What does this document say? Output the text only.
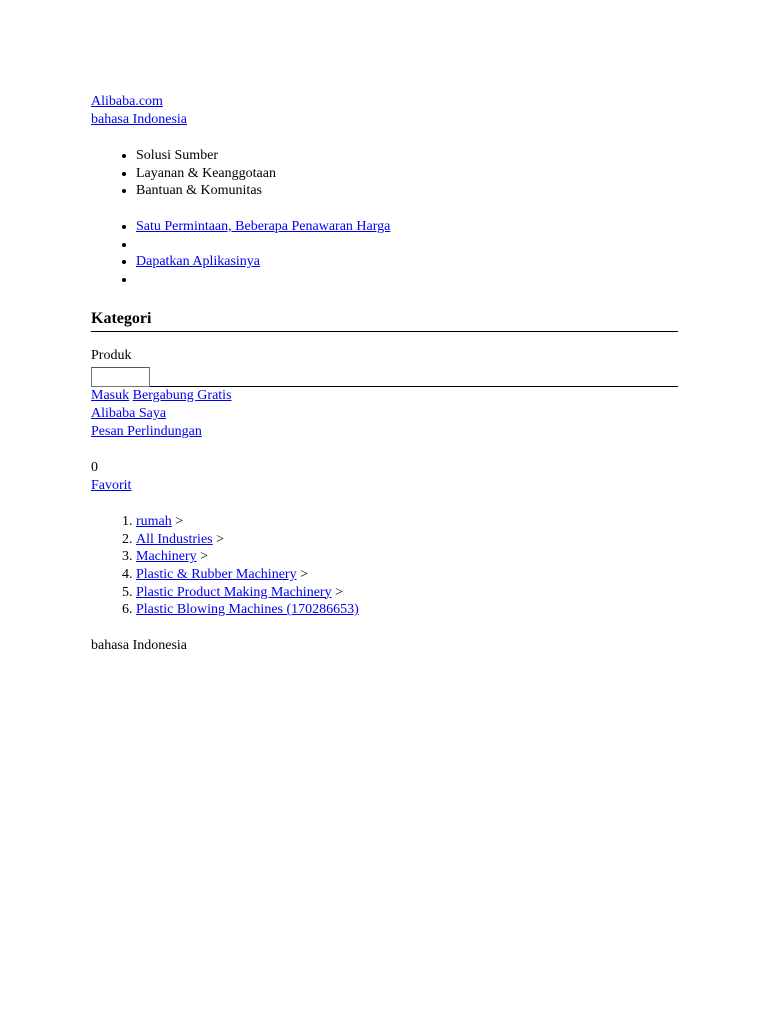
Alibaba.com
bahasa Indonesia
• Solusi Sumber
• Layanan & Keanggotaan
• Bantuan & Komunitas
• Satu Permintaan, Beberapa Penawaran Harga
•
• Dapatkan Aplikasinya
•
Kategori
Produk
Masuk Bergabung Gratis
Alibaba Saya
Pesan Perlindungan
0
Favorit
1. rumah >
2. All Industries >
3. Machinery >
4. Plastic & Rubber Machinery >
5. Plastic Product Making Machinery >
6. Plastic Blowing Machines (170286653)
bahasa Indonesia
